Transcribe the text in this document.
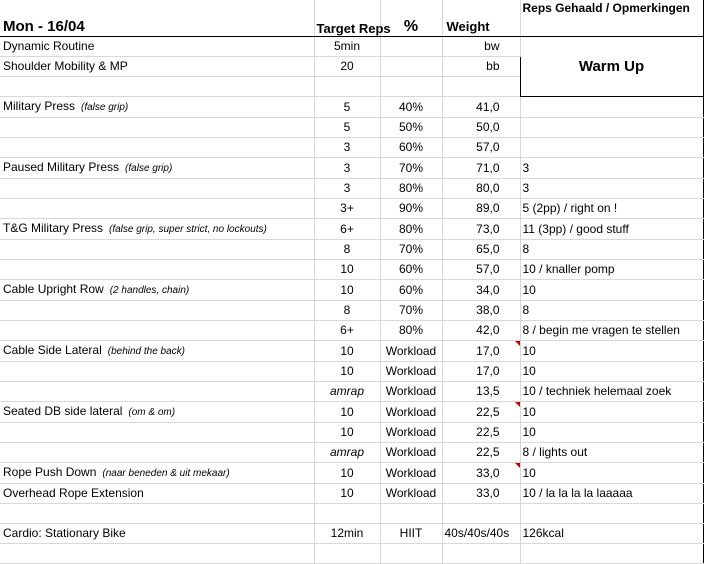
Mon - 16/04	Target Reps	%	Weight	Reps Gehaald / Opmerkingen
Dynamic Routine	5min		bw	Warm Up
Shoulder Mobility & MP	20		bb	

Military Press (false grip)	5	40%	41,0	
	5	50%	50,0	
	3	60%	57,0	
Paused Military Press (false grip)	3	70%	71,0	3
	3	80%	80,0	3
	3+	90%	89,0	5 (2pp) / right on !
T&G Military Press (false grip, super strict, no lockouts)	6+	80%	73,0	11 (3pp) / good stuff
	8	70%	65,0	8
	10	60%	57,0	10 / knaller pomp
Cable Upright Row (2 handles, chain)	10	60%	34,0	10
	8	70%	38,0	8
	6+	80%	42,0	8 / begin me vragen te stellen
Cable Side Lateral (behind the back)	10	Workload	17,0	10
	10	Workload	17,0	10
	amrap	Workload	13,5	10 / techniek helemaal zoek
Seated DB side lateral (om & om)	10	Workload	22,5	10
	10	Workload	22,5	10
	amrap	Workload	22,5	8 / lights out
Rope Push Down (naar beneden & uit mekaar)	10	Workload	33,0	10
Overhead Rope Extension	10	Workload	33,0	10 / la la la la laaaaa

Cardio: Stationary Bike	12min	HIIT	40s/40s/40s	126kcal
